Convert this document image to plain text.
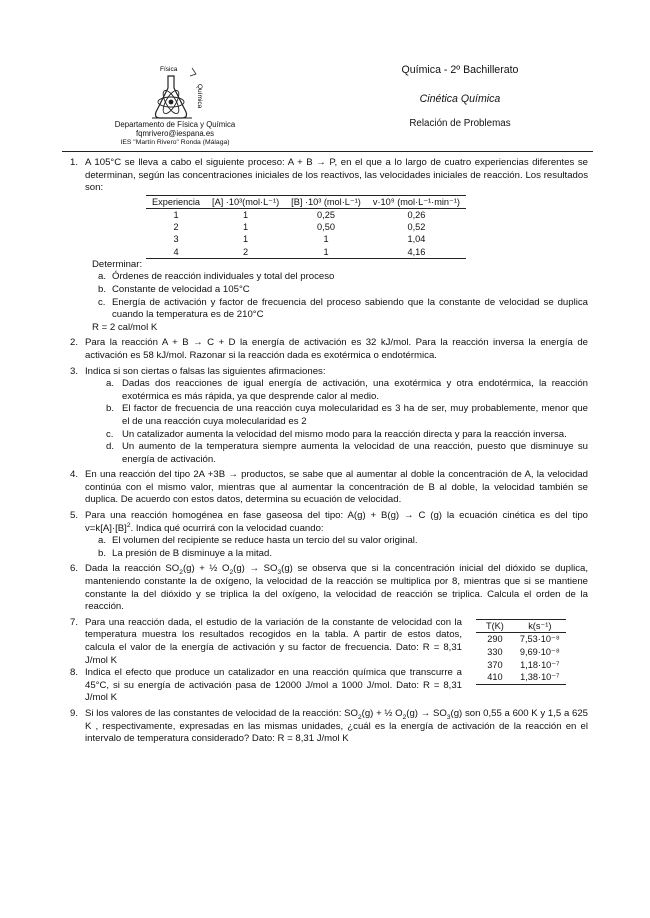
Física
Química
Departamento de Física y Química
fqmrivero@iespana.es
IES "Martín Rivero" Ronda (Málaga)
Química - 2º Bachillerato
Cinética Química
Relación de Problemas
1. A 105°C se lleva a cabo el siguiente proceso: A + B → P, en el que a lo largo de cuatro experiencias diferentes se determinan, según las concentraciones iniciales de los reactivos, las velocidades iniciales de reacción. Los resultados son:
Experiencia	[A] ·10³(mol·L⁻¹)	[B] ·10³ (mol·L⁻¹)	v·10⁹ (mol·L⁻¹·min⁻¹)
1	1	0,25	0,26
2	1	0,50	0,52
3	1	1	1,04
4	2	1	4,16
Determinar:
a. Órdenes de reacción individuales y total del proceso
b. Constante de velocidad a 105°C
c. Energía de activación y factor de frecuencia del proceso sabiendo que la constante de velocidad se duplica cuando la temperatura es de 210°C
R = 2 cal/mol K
2. Para la reacción A + B → C + D la energía de activación es 32 kJ/mol. Para la reacción inversa la energía de activación es 58 kJ/mol. Razonar si la reacción dada es exotérmica o endotérmica.
3. Indica si son ciertas o falsas las siguientes afirmaciones:
a. Dadas dos reacciones de igual energía de activación, una exotérmica y otra endotérmica, la reacción exotérmica es más rápida, ya que desprende calor al medio.
b. El factor de frecuencia de una reacción cuya molecularidad es 3 ha de ser, muy probablemente, menor que el de una reacción cuya molecularidad es 2
c. Un catalizador aumenta la velocidad del mismo modo para la reacción directa y para la reacción inversa.
d. Un aumento de la temperatura siempre aumenta la velocidad de una reacción, puesto que disminuye su energía de activación.
4. En una reacción del tipo 2A +3B → productos, se sabe que al aumentar al doble la concentración de A, la velocidad continúa con el mismo valor, mientras que al aumentar la concentración de B al doble, la velocidad también se duplica. De acuerdo con estos datos, determina su ecuación de velocidad.
5. Para una reacción homogénea en fase gaseosa del tipo: A(g) + B(g) → C (g) la ecuación cinética es del tipo $v=k[A]\cdot[B]^2$. Indica qué ocurrirá con la velocidad cuando:
a. El volumen del recipiente se reduce hasta un tercio del su valor original.
b. La presión de B disminuye a la mitad.
6. Dada la reacción $SO_2(g)$ + ½ $O_2(g) \to SO_3(g)$ se observa que si la concentración inicial del dióxido se duplica, manteniendo constante la de oxígeno, la velocidad de la reacción se multiplica por 8, mientras que si se mantiene constante la del dióxido y se triplica la del oxígeno, la velocidad de reacción se triplica. Calcula el orden de la reacción.
7. Para una reacción dada, el estudio de la variación de la constante de velocidad con la temperatura muestra los resultados recogidos en la tabla. A partir de estos datos, calcula el valor de la energía de activación y su factor de frecuencia. Dato: R = 8,31 J/mol K
8. Indica el efecto que produce un catalizador en una reacción química que transcurre a 45°C, si su energía de activación pasa de 12000 J/mol a 1000 J/mol. Dato: R = 8,31 J/mol K
T(K)	k(s⁻¹)
290	7,53·10⁻⁸
330	9,69·10⁻⁸
370	1,18·10⁻⁷
410	1,38·10⁻⁷
9. Si los valores de las constantes de velocidad de la reacción: $SO_2(g)$ + ½ $O_2(g) \to SO_3(g)$ son 0,55 a 600 K y 1,5 a 625 K , respectivamente, expresadas en las mismas unidades, ¿cuál es la energía de activación de la reacción en el intervalo de temperatura considerado? Dato: R = 8,31 J/mol K
